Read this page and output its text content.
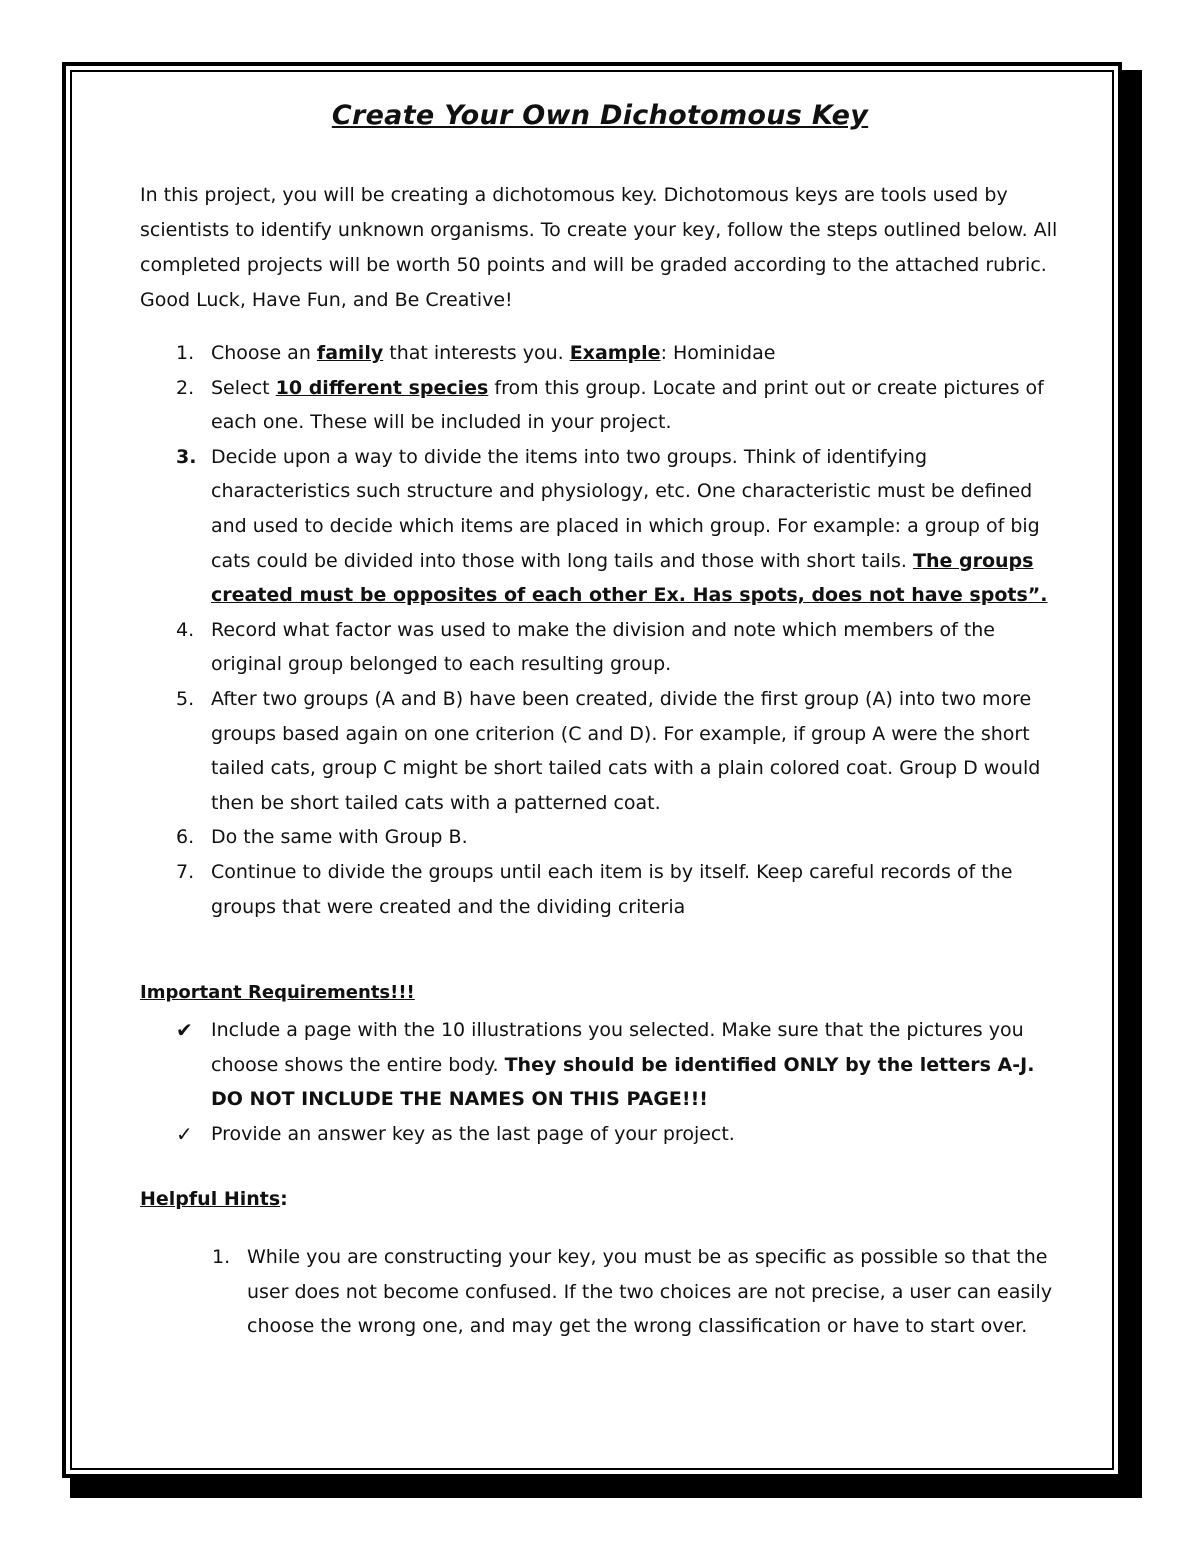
Create Your Own Dichotomous Key

In this project, you will be creating a dichotomous key. Dichotomous keys are tools used by scientists to identify unknown organisms. To create your key, follow the steps outlined below. All completed projects will be worth 50 points and will be graded according to the attached rubric. Good Luck, Have Fun, and Be Creative!

1. Choose an family that interests you. Example: Hominidae
2. Select 10 different species from this group. Locate and print out or create pictures of each one. These will be included in your project.
3. Decide upon a way to divide the items into two groups. Think of identifying characteristics such structure and physiology, etc. One characteristic must be defined and used to decide which items are placed in which group. For example: a group of big cats could be divided into those with long tails and those with short tails. The groups created must be opposites of each other Ex. Has spots, does not have spots”.
4. Record what factor was used to make the division and note which members of the original group belonged to each resulting group.
5. After two groups (A and B) have been created, divide the first group (A) into two more groups based again on one criterion (C and D). For example, if group A were the short tailed cats, group C might be short tailed cats with a plain colored coat. Group D would then be short tailed cats with a patterned coat.
6. Do the same with Group B.
7. Continue to divide the groups until each item is by itself. Keep careful records of the groups that were created and the dividing criteria
Important Requirements!!!
✔ Include a page with the 10 illustrations you selected. Make sure that the pictures you choose shows the entire body. They should be identified ONLY by the letters A-J. DO NOT INCLUDE THE NAMES ON THIS PAGE!!!
✓ Provide an answer key as the last page of your project.
Helpful Hints:
1. While you are constructing your key, you must be as specific as possible so that the user does not become confused. If the two choices are not precise, a user can easily choose the wrong one, and may get the wrong classification or have to start over.
